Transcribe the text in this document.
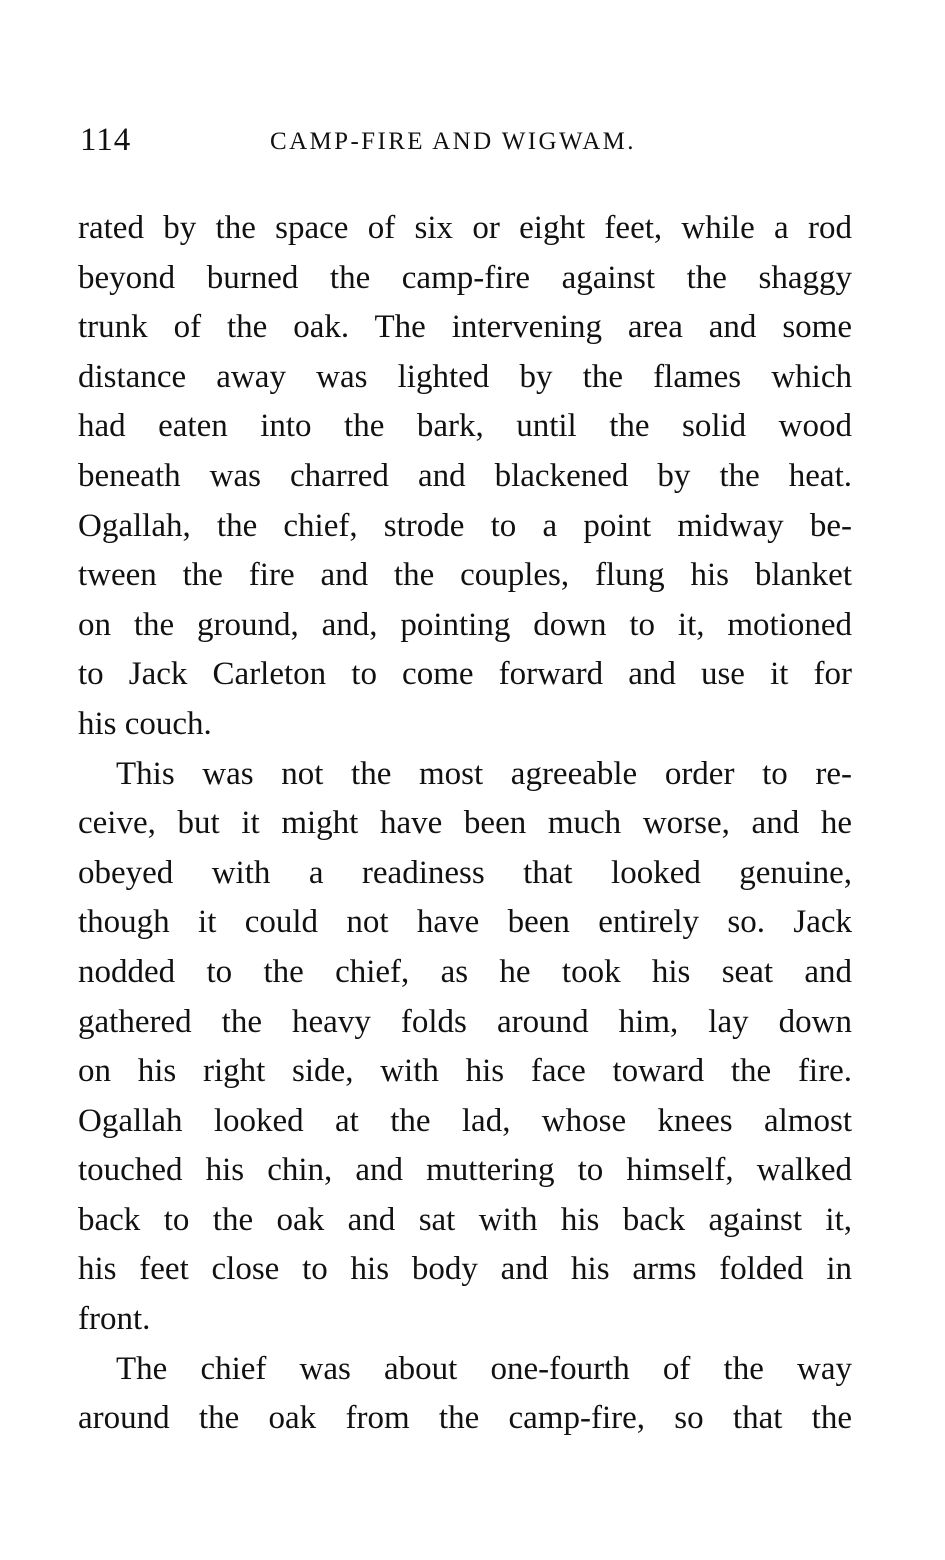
114	CAMP-FIRE AND WIGWAM.
rated by the space of six or eight feet, while a rod
beyond burned the camp-fire against the shaggy
trunk of the oak. The intervening area and some
distance away was lighted by the flames which
had eaten into the bark, until the solid wood
beneath was charred and blackened by the heat.
Ogallah, the chief, strode to a point midway be-
tween the fire and the couples, flung his blanket
on the ground, and, pointing down to it, motioned
to Jack Carleton to come forward and use it for
his couch.
This was not the most agreeable order to re-
ceive, but it might have been much worse, and he
obeyed with a readiness that looked genuine,
though it could not have been entirely so. Jack
nodded to the chief, as he took his seat and
gathered the heavy folds around him, lay down
on his right side, with his face toward the fire.
Ogallah looked at the lad, whose knees almost
touched his chin, and muttering to himself, walked
back to the oak and sat with his back against it,
his feet close to his body and his arms folded in
front.
The chief was about one-fourth of the way
around the oak from the camp-fire, so that the
